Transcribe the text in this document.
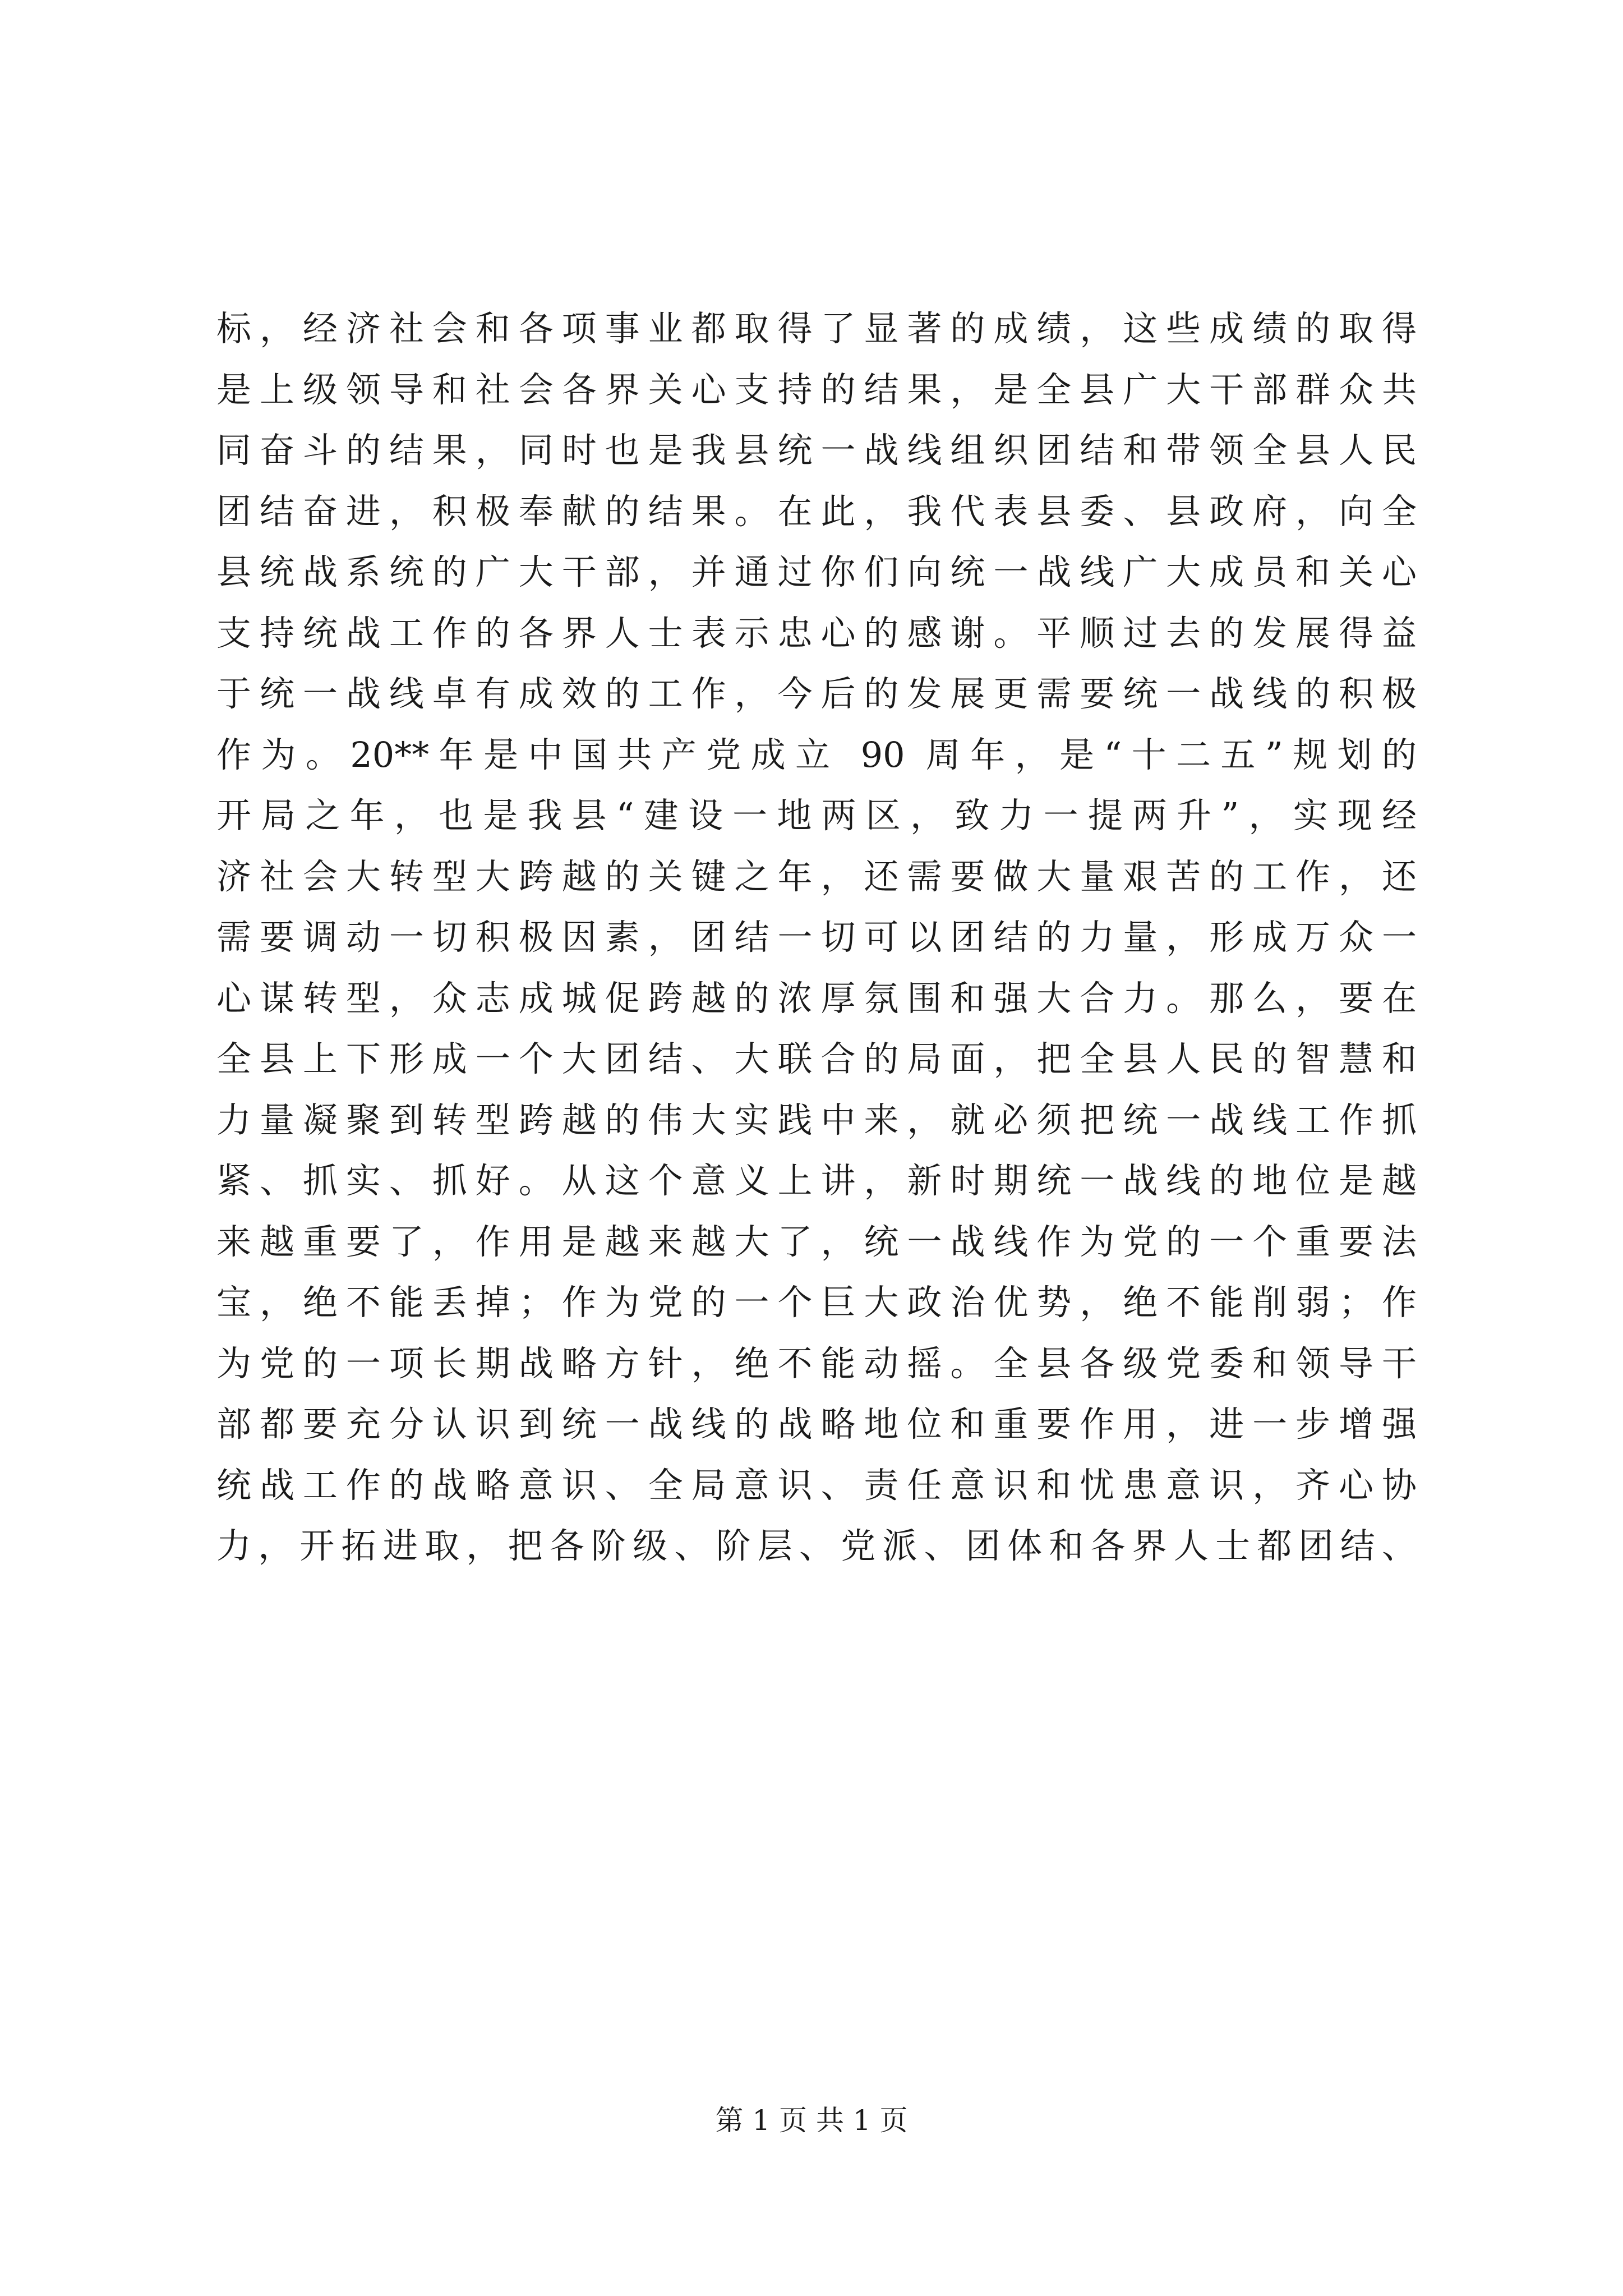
标，经济社会和各项事业都取得了显著的成绩，这些成绩的取得
是上级领导和社会各界关心支持的结果，是全县广大干部群众共
同奋斗的结果，同时也是我县统一战线组织团结和带领全县人民
团结奋进，积极奉献的结果。在此，我代表县委、县政府，向全
县统战系统的广大干部，并通过你们向统一战线广大成员和关心
支持统战工作的各界人士表示忠心的感谢。平顺过去的发展得益
于统一战线卓有成效的工作，今后的发展更需要统一战线的积极
作为。20**年是中国共产党成立 90 周年，是“十二五”规划的
开局之年，也是我县“建设一地两区，致力一提两升”，实现经
济社会大转型大跨越的关键之年，还需要做大量艰苦的工作，还
需要调动一切积极因素，团结一切可以团结的力量，形成万众一
心谋转型，众志成城促跨越的浓厚氛围和强大合力。那么，要在
全县上下形成一个大团结、大联合的局面，把全县人民的智慧和
力量凝聚到转型跨越的伟大实践中来，就必须把统一战线工作抓
紧、抓实、抓好。从这个意义上讲，新时期统一战线的地位是越
来越重要了，作用是越来越大了，统一战线作为党的一个重要法
宝，绝不能丢掉；作为党的一个巨大政治优势，绝不能削弱；作
为党的一项长期战略方针，绝不能动摇。全县各级党委和领导干
部都要充分认识到统一战线的战略地位和重要作用，进一步增强
统战工作的战略意识、全局意识、责任意识和忧患意识，齐心协
力，开拓进取，把各阶级、阶层、党派、团体和各界人士都团结、
第 1 页 共 1 页
